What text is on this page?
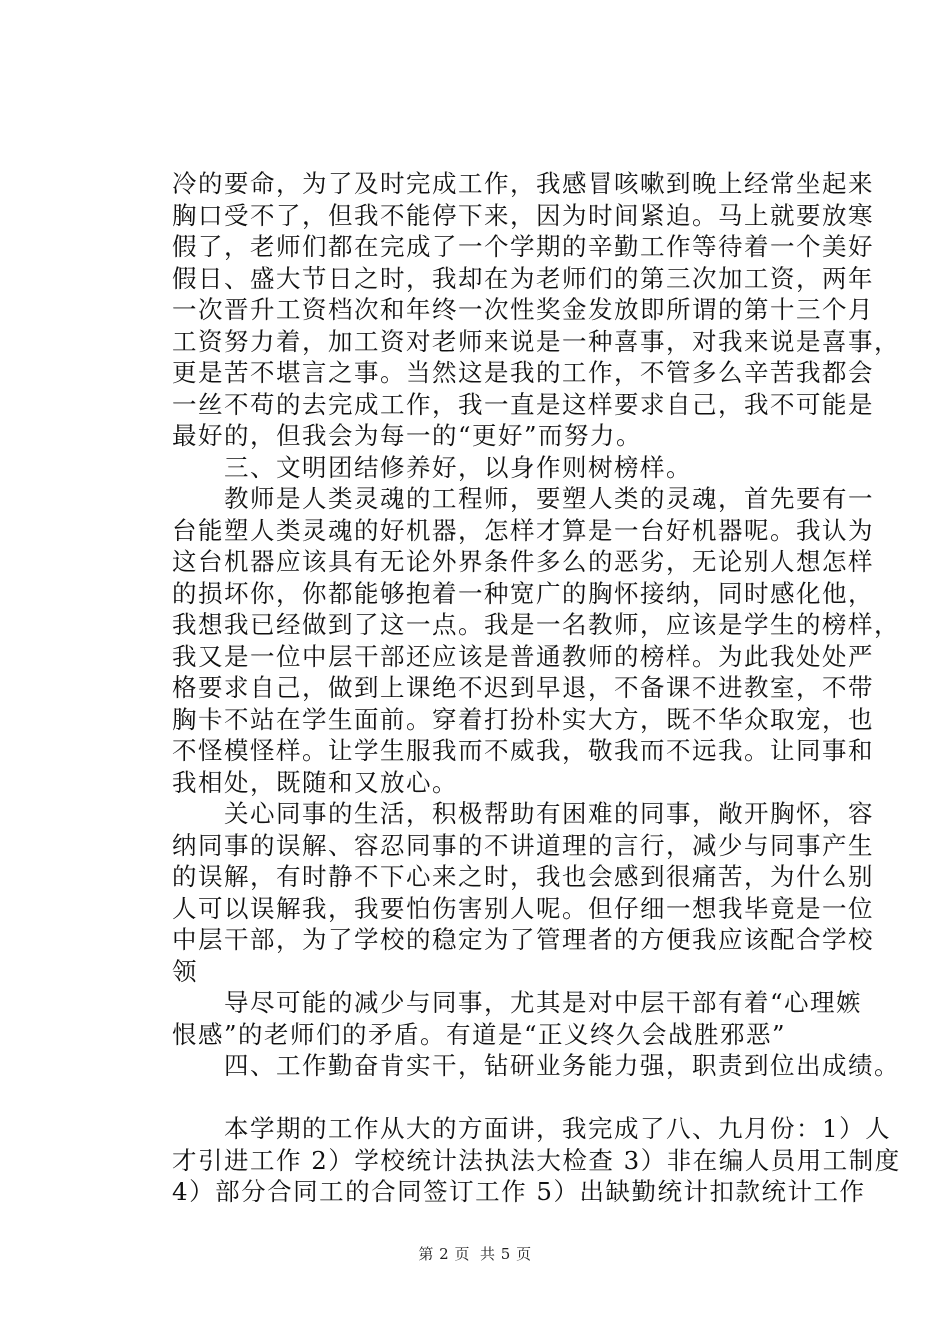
冷的要命，为了及时完成工作，我感冒咳嗽到晚上经常坐起来
胸口受不了，但我不能停下来，因为时间紧迫。马上就要放寒
假了，老师们都在完成了一个学期的辛勤工作等待着一个美好
假日、盛大节日之时，我却在为老师们的第三次加工资，两年
一次晋升工资档次和年终一次性奖金发放即所谓的第十三个月
工资努力着，加工资对老师来说是一种喜事，对我来说是喜事，
更是苦不堪言之事。当然这是我的工作，不管多么辛苦我都会
一丝不苟的去完成工作，我一直是这样要求自己，我不可能是
最好的，但我会为每一的“更好”而努力。
　　三、文明团结修养好，以身作则树榜样。
　　教师是人类灵魂的工程师，要塑人类的灵魂，首先要有一
台能塑人类灵魂的好机器，怎样才算是一台好机器呢。我认为
这台机器应该具有无论外界条件多么的恶劣，无论别人想怎样
的损坏你，你都能够抱着一种宽广的胸怀接纳，同时感化他，
我想我已经做到了这一点。我是一名教师，应该是学生的榜样，
我又是一位中层干部还应该是普通教师的榜样。为此我处处严
格要求自己，做到上课绝不迟到早退，不备课不进教室，不带
胸卡不站在学生面前。穿着打扮朴实大方，既不华众取宠，也
不怪模怪样。让学生服我而不威我，敬我而不远我。让同事和
我相处，既随和又放心。
　　关心同事的生活，积极帮助有困难的同事，敞开胸怀，容
纳同事的误解、容忍同事的不讲道理的言行，减少与同事产生
的误解，有时静不下心来之时，我也会感到很痛苦，为什么别
人可以误解我，我要怕伤害别人呢。但仔细一想我毕竟是一位
中层干部，为了学校的稳定为了管理者的方便我应该配合学校
领
　　导尽可能的减少与同事，尤其是对中层干部有着“心理嫉
恨感”的老师们的矛盾。有道是“正义终久会战胜邪恶”
　　四、工作勤奋肯实干，钻研业务能力强，职责到位出成绩。
　　本学期的工作从大的方面讲，我完成了八、九月份：1）人
才引进工作 2）学校统计法执法大检查 3）非在编人员用工制度
4）部分合同工的合同签订工作 5）出缺勤统计扣款统计工作
第 2 页 共 5 页
